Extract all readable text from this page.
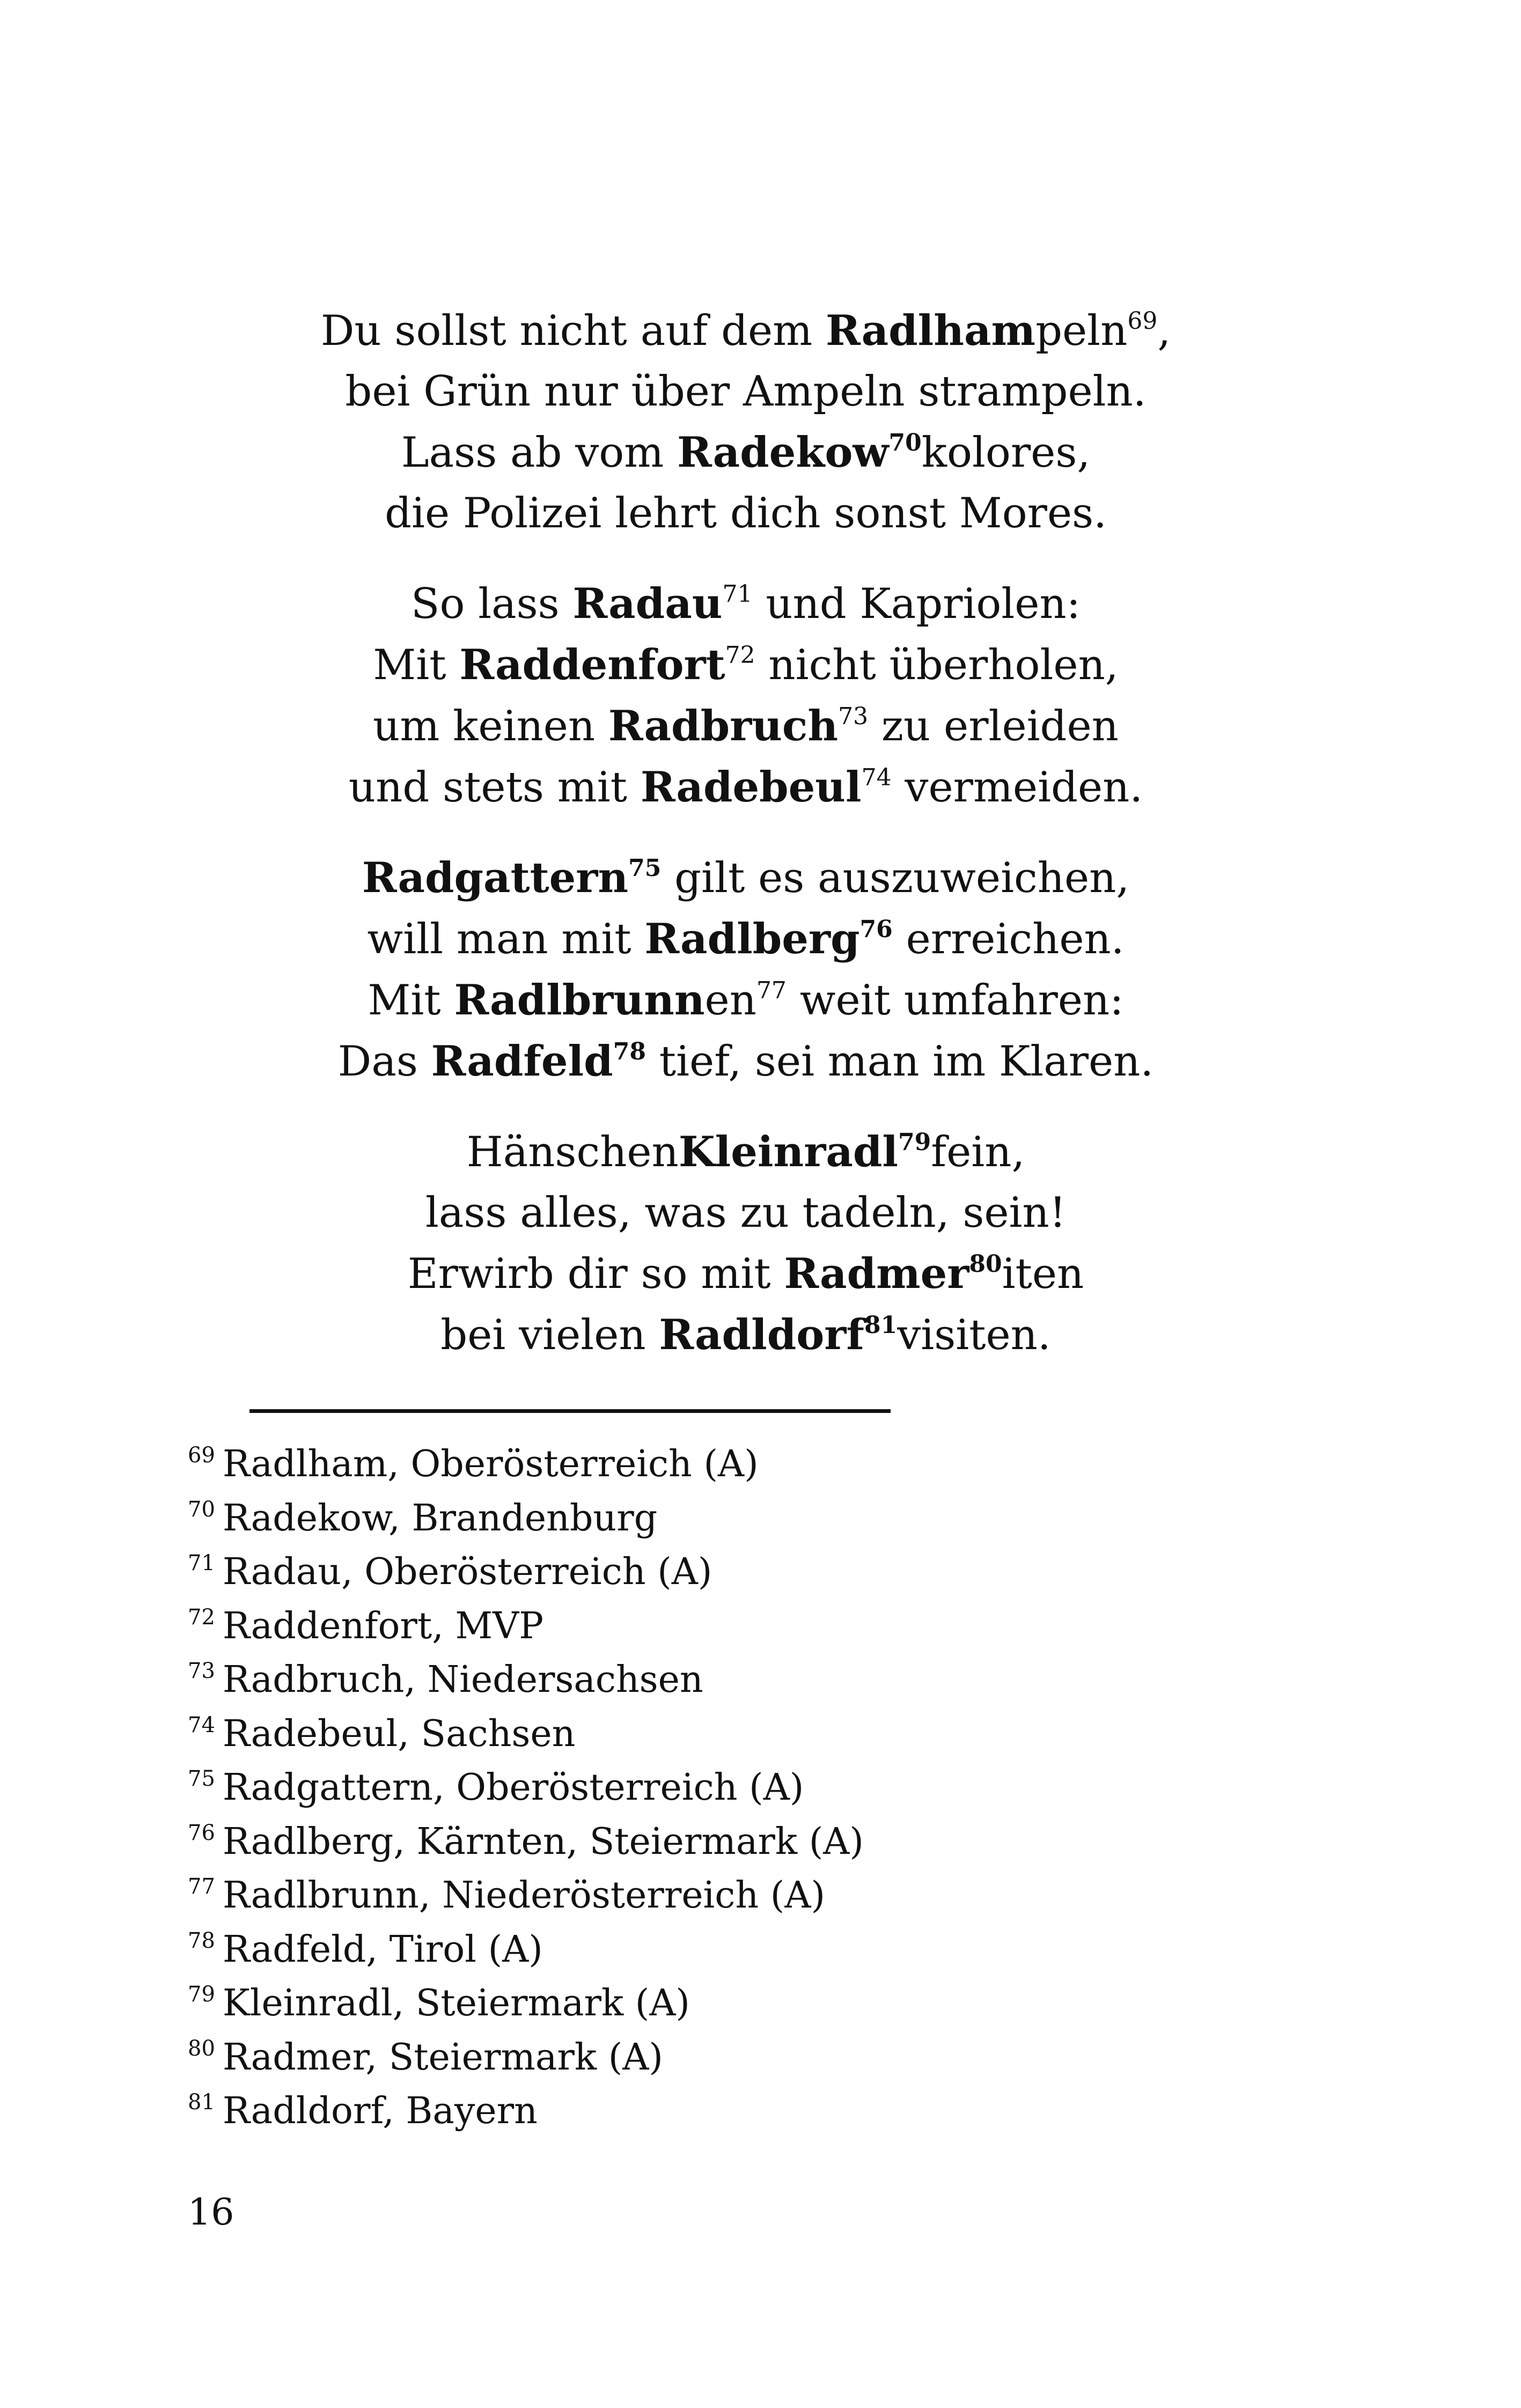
Du sollst nicht auf dem Radlhampeln$^{69}$,
bei Grün nur über Ampeln strampeln.
Lass ab vom Radekow$^{70}$kolores,
die Polizei lehrt dich sonst Mores.
So lass Radau$^{71}$ und Kapriolen:
Mit Raddenfort$^{72}$ nicht überholen,
um keinen Radbruch$^{73}$ zu erleiden
und stets mit Radebeul$^{74}$ vermeiden.
Radgattern$^{75}$ gilt es auszuweichen,
will man mit Radlberg$^{76}$ erreichen.
Mit Radlbrunnen$^{77}$ weit umfahren:
Das Radfeld$^{78}$ tief, sei man im Klaren.
HänschenKleinradl$^{79}$fein,
lass alles, was zu tadeln, sein!
Erwirb dir so mit Radmer$^{80}$iten
bei vielen Radldorf$^{81}$visiten.
$^{69}$ Radlham, Oberösterreich (A)
$^{70}$ Radekow, Brandenburg
$^{71}$ Radau, Oberösterreich (A)
$^{72}$ Raddenfort, MVP
$^{73}$ Radbruch, Niedersachsen
$^{74}$ Radebeul, Sachsen
$^{75}$ Radgattern, Oberösterreich (A)
$^{76}$ Radlberg, Kärnten, Steiermark (A)
$^{77}$ Radlbrunn, Niederösterreich (A)
$^{78}$ Radfeld, Tirol (A)
$^{79}$ Kleinradl, Steiermark (A)
$^{80}$ Radmer, Steiermark (A)
$^{81}$ Radldorf, Bayern
16
